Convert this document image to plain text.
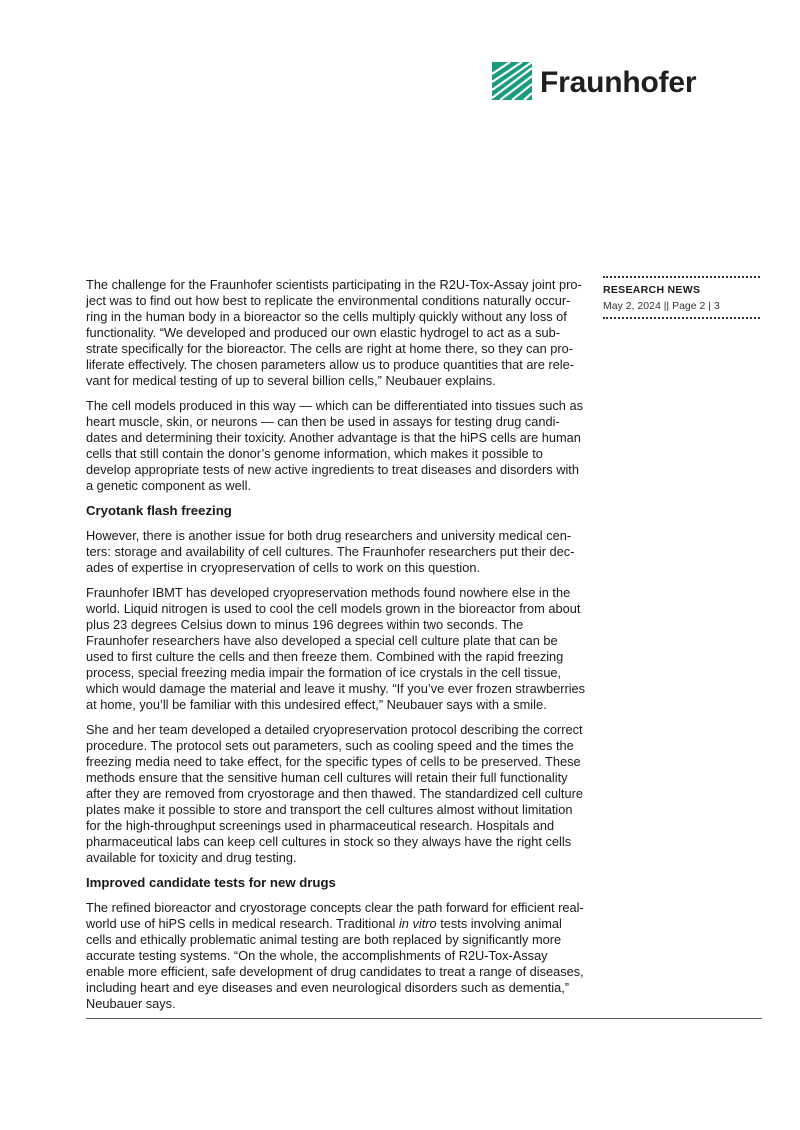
Fraunhofer
RESEARCH NEWS
May 2, 2024 || Page 2 | 3

The challenge for the Fraunhofer scientists participating in the R2U-Tox-Assay joint project was to find out how best to replicate the environmental conditions naturally occurring in the human body in a bioreactor so the cells multiply quickly without any loss of functionality. “We developed and produced our own elastic hydrogel to act as a substrate specifically for the bioreactor. The cells are right at home there, so they can proliferate effectively. The chosen parameters allow us to produce quantities that are relevant for medical testing of up to several billion cells,” Neubauer explains.

The cell models produced in this way — which can be differentiated into tissues such as heart muscle, skin, or neurons — can then be used in assays for testing drug candidates and determining their toxicity. Another advantage is that the hiPS cells are human cells that still contain the donor’s genome information, which makes it possible to develop appropriate tests of new active ingredients to treat diseases and disorders with a genetic component as well.

Cryotank flash freezing

However, there is another issue for both drug researchers and university medical centers: storage and availability of cell cultures. The Fraunhofer researchers put their decades of expertise in cryopreservation of cells to work on this question.

Fraunhofer IBMT has developed cryopreservation methods found nowhere else in the world. Liquid nitrogen is used to cool the cell models grown in the bioreactor from about plus 23 degrees Celsius down to minus 196 degrees within two seconds. The Fraunhofer researchers have also developed a special cell culture plate that can be used to first culture the cells and then freeze them. Combined with the rapid freezing process, special freezing media impair the formation of ice crystals in the cell tissue, which would damage the material and leave it mushy. “If you’ve ever frozen strawberries at home, you’ll be familiar with this undesired effect,” Neubauer says with a smile.

She and her team developed a detailed cryopreservation protocol describing the correct procedure. The protocol sets out parameters, such as cooling speed and the times the freezing media need to take effect, for the specific types of cells to be preserved. These methods ensure that the sensitive human cell cultures will retain their full functionality after they are removed from cryostorage and then thawed. The standardized cell culture plates make it possible to store and transport the cell cultures almost without limitation for the high-throughput screenings used in pharmaceutical research. Hospitals and pharmaceutical labs can keep cell cultures in stock so they always have the right cells available for toxicity and drug testing.

Improved candidate tests for new drugs

The refined bioreactor and cryostorage concepts clear the path forward for efficient real-world use of hiPS cells in medical research. Traditional in vitro tests involving animal cells and ethically problematic animal testing are both replaced by significantly more accurate testing systems. “On the whole, the accomplishments of R2U-Tox-Assay enable more efficient, safe development of drug candidates to treat a range of diseases, including heart and eye diseases and even neurological disorders such as dementia,” Neubauer says.
